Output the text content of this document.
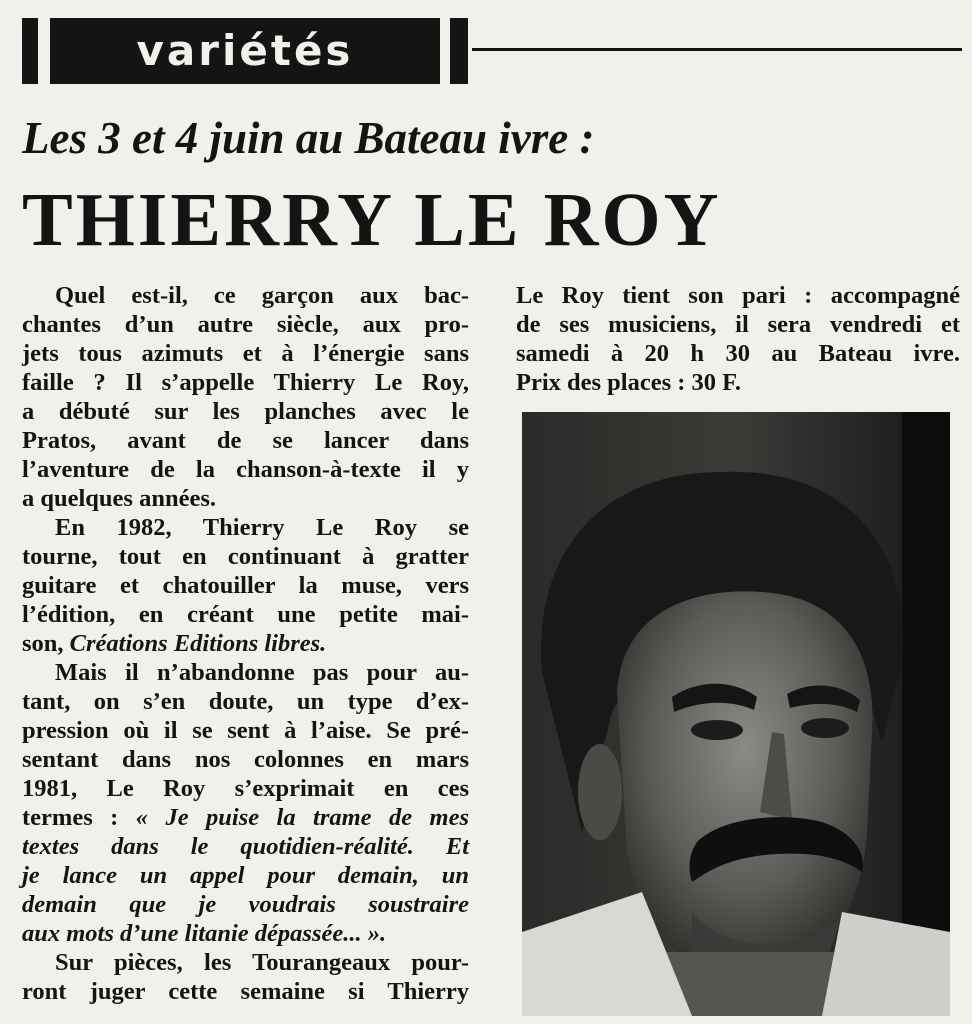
variétés
Les 3 et 4 juin au Bateau ivre :
THIERRY LE ROY

Quel est-il, ce garçon aux bac-

chantes d’un autre siècle, aux pro-

jets tous azimuts et à l’énergie sans

faille ? Il s’appelle Thierry Le Roy,

a débuté sur les planches avec le

Pratos, avant de se lancer dans

l’aventure de la chanson-à-texte il y

a quelques années.

En 1982, Thierry Le Roy se

tourne, tout en continuant à gratter

guitare et chatouiller la muse, vers

l’édition, en créant une petite mai-

son, Créations Editions libres.

Mais il n’abandonne pas pour au-

tant, on s’en doute, un type d’ex-

pression où il se sent à l’aise. Se pré-

sentant dans nos colonnes en mars

1981, Le Roy s’exprimait en ces

termes : « Je puise la trame de mes

textes dans le quotidien-réalité. Et

je lance un appel pour demain, un

demain que je voudrais soustraire

aux mots d’une litanie dépassée... ».

Sur pièces, les Tourangeaux pour-

ront juger cette semaine si Thierry

Le Roy tient son pari : accompagné

de ses musiciens, il sera vendredi et

samedi à 20 h 30 au Bateau ivre.

Prix des places : 30 F.
